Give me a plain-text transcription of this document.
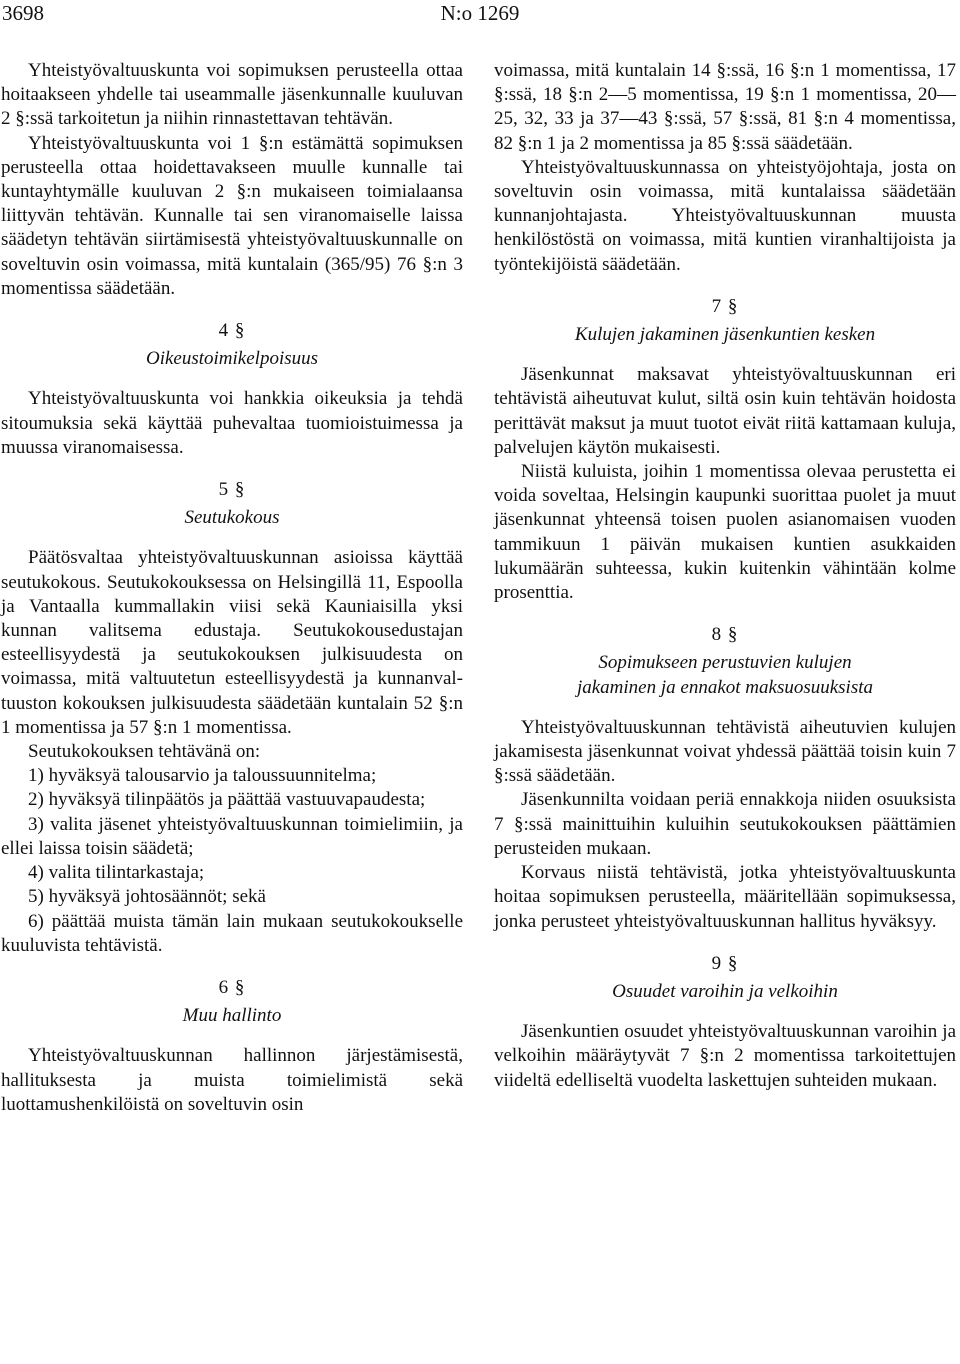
3698	N:o 1269

Yhteistyövaltuuskunta voi sopimuksen perusteella ottaa hoitaakseen yhdelle tai useammalle jäsenkunnalle kuuluvan 2 §:ssä tarkoitetun ja niihin rinnastettavan tehtävän.

Yhteistyövaltuuskunta voi 1 §:n estämättä sopimuksen perusteella ottaa hoidettavakseen muulle kunnalle tai kuntayhtymälle kuuluvan 2 §:n mukaiseen toimialaansa liittyvän tehtävän. Kunnalle tai sen viranomaiselle laissa säädetyn tehtävän siirtämisestä yhteistyövaltuuskunnalle on soveltuvin osin voimassa, mitä kuntalain (365/95) 76 §:n 3 momentissa säädetään.

4 §
Oikeustoimikelpoisuus

Yhteistyövaltuuskunta voi hankkia oikeuksia ja tehdä sitoumuksia sekä käyttää puhevaltaa tuomioistuimessa ja muussa viranomaisessa.

5 §
Seutukokous

Päätösvaltaa yhteistyövaltuuskunnan asioissa käyttää seutukokous. Seutukokouksessa on Helsingillä 11, Espoolla ja Vantaalla kummallakin viisi sekä Kauniaisilla yksi kunnan valitsema edustaja. Seutukokousedustajan esteellisyydestä ja seutukokouksen julkisuudesta on voimassa, mitä valtuutetun esteellisyydestä ja kunnanvaltuuston kokouksen julkisuudesta säädetään kuntalain 52 §:n 1 momentissa ja 57 §:n 1 momentissa.

Seutukokouksen tehtävänä on:

1) hyväksyä talousarvio ja taloussuunnitelma;

2) hyväksyä tilinpäätös ja päättää vastuuvapaudesta;

3) valita jäsenet yhteistyövaltuuskunnan toimielimiin, ja ellei laissa toisin säädetä;

4) valita tilintarkastaja;

5) hyväksyä johtosäännöt; sekä

6) päättää muista tämän lain mukaan seutukokoukselle kuuluvista tehtävistä.

6 §
Muu hallinto

Yhteistyövaltuuskunnan hallinnon järjestämisestä, hallituksesta ja muista toimielimistä sekä luottamushenkilöistä on soveltuvin osin

voimassa, mitä kuntalain 14 §:ssä, 16 §:n 1 momentissa, 17 §:ssä, 18 §:n 2—5 momentissa, 19 §:n 1 momentissa, 20—25, 32, 33 ja 37—43 §:ssä, 57 §:ssä, 81 §:n 4 momentissa, 82 §:n 1 ja 2 momentissa ja 85 §:ssä säädetään.

Yhteistyövaltuuskunnassa on yhteistyöjohtaja, josta on soveltuvin osin voimassa, mitä kuntalaissa säädetään kunnanjohtajasta. Yhteistyövaltuuskunnan muusta henkilöstöstä on voimassa, mitä kuntien viranhaltijoista ja työntekijöistä säädetään.

7 §
Kulujen jakaminen jäsenkuntien kesken

Jäsenkunnat maksavat yhteistyövaltuuskunnan eri tehtävistä aiheutuvat kulut, siltä osin kuin tehtävän hoidosta perittävät maksut ja muut tuotot eivät riitä kattamaan kuluja, palvelujen käytön mukaisesti.

Niistä kuluista, joihin 1 momentissa olevaa perustetta ei voida soveltaa, Helsingin kaupunki suorittaa puolet ja muut jäsenkunnat yhteensä toisen puolen asianomaisen vuoden tammikuun 1 päivän mukaisen kuntien asukkaiden lukumäärän suhteessa, kukin kuitenkin vähintään kolme prosenttia.

8 §
Sopimukseen perustuvien kulujen
jakaminen ja ennakot maksuosuuksista

Yhteistyövaltuuskunnan tehtävistä aiheutuvien kulujen jakamisesta jäsenkunnat voivat yhdessä päättää toisin kuin 7 §:ssä säädetään.

Jäsenkunnilta voidaan periä ennakkoja niiden osuuksista 7 §:ssä mainittuihin kuluihin seutukokouksen päättämien perusteiden mukaan.

Korvaus niistä tehtävistä, jotka yhteistyövaltuuskunta hoitaa sopimuksen perusteella, määritellään sopimuksessa, jonka perusteet yhteistyövaltuuskunnan hallitus hyväksyy.

9 §
Osuudet varoihin ja velkoihin

Jäsenkuntien osuudet yhteistyövaltuuskunnan varoihin ja velkoihin määräytyvät 7 §:n 2 momentissa tarkoitettujen viideltä edelliseltä vuodelta laskettujen suhteiden mukaan.
